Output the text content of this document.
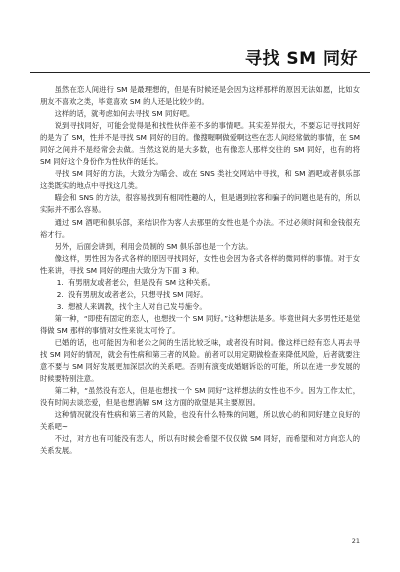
寻找 SM 同好

虽然在恋人间进行 SM 是最理想的，但是有时候还是会因为这样那样的原因无法如愿，比如女朋友不喜欢之类，毕竟喜欢 SM 的人还是比较少的。

这样的话，就考虑如何去寻找 SM 同好吧。

说到寻找同好，可能会觉得是和找性伙伴差不多的事情吧。其实差异很大，不要忘记寻找同好的是为了 SM，性并不是寻找 SM 同好的目的。像搜喔啊做爱啊这些在恋人间经常做的事情，在 SM 同好之间并不是经常会去做。当然这说的是大多数，也有像恋人那样交往的 SM 同好，也有的将 SM 同好这个身份作为性伙伴的延长。

寻找 SM 同好的方法，大致分为瞄会、或在 SNS 类社交网站中寻找，和 SM 酒吧或者俱乐部这类既实的地点中寻找这几类。

瞄会和 SNS 的方法，很容易找到有相同性趣的人，但是遇到拉客和骗子的问题也是有的，所以实际并不那么容易。

通过 SM 酒吧和俱乐部，来结识作为客人去那里的女性也是个办法。不过必须时间和金钱很充裕才行。

另外，后面会讲到，利用会员制的 SM 俱乐部也是一个方法。

像这样，男性因为各式各样的原因寻找同好，女性也会因为各式各样的微同样的事情。对于女性来讲，寻找 SM 同好的理由大致分为下面 3 种。

1. 有男朋友或者老公，但是没有 SM 这种关系。
2. 没有男朋友或者老公，只想寻找 SM 同好。
3. 想被人来调教，找个主人对自己发号施令。

第一种，“即使有固定的恋人，也想找一个 SM 同好。”这种想法是多。毕竟世间大多男性还是觉得做 SM 那样的事情对女性来说太可怜了。

已婚的话，也可能因为和老公之间的生活比较乏味，或者没有时间。像这样已经有恋人再去寻找 SM 同好的情况，就会有性病和第三者的风险。前者可以用定期做检查来降低风险，后者就要注意不要与 SM 同好发展更加深层次的关系吧。否则有演变成婚姻诉讼的可能，所以在进一步发展的时候要特别注意。

第二种，“虽然没有恋人，但是也想找一个 SM 同好”这样想法的女性也不少。因为工作太忙，没有时间去谈恋爱，但是也想消解 SM 这方面的欲望是其主要原因。

这种情况就没有性病和第三者的风险，也没有什么特殊的问题，所以放心的和同好建立良好的关系吧~

不过，对方也有可能没有恋人，所以有时候会希望不仅仅做 SM 同好，而希望和对方向恋人的关系发展。

21
